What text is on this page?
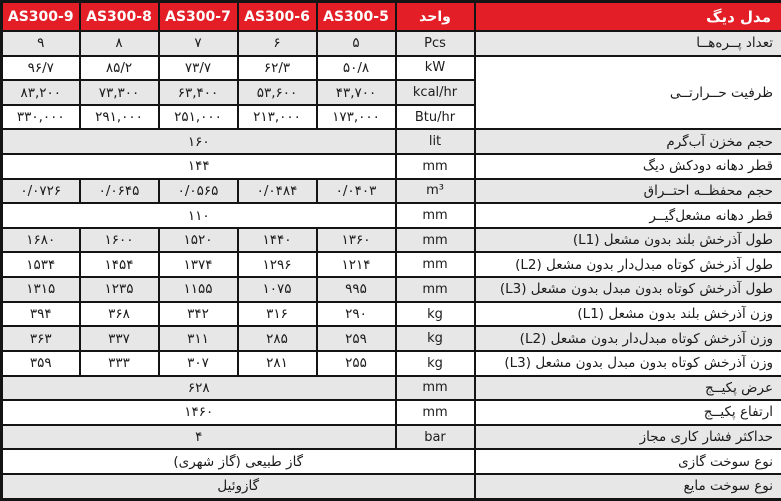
AS300-9	AS300-8	AS300-7	AS300-6	AS300-5	واحد	مدل دیگ
۹	۸	۷	۶	۵	Pcs	تعداد پــره‌هــا
۹۶/۷	۸۵/۲	۷۳/۷	۶۲/۳	۵۰/۸	kW	ظرفیت حــرارتــی
۸۳,۲۰۰	۷۳,۳۰۰	۶۳,۴۰۰	۵۳,۶۰۰	۴۳,۷۰۰	kcal/hr	
۳۳۰,۰۰۰	۲۹۱,۰۰۰	۲۵۱,۰۰۰	۲۱۳,۰۰۰	۱۷۳,۰۰۰	Btu/hr	
۱۶۰					lit	حجم مخزن آب‌گرم
۱۴۴					mm	قطر دهانه دودکش دیگ
۰/۰۷۲۶	۰/۰۶۴۵	۰/۰۵۶۵	۰/۰۴۸۴	۰/۰۴۰۳	m³	حجم محفظــه احتــراق
۱۱۰					mm	قطر دهانه مشعل‌گیــر
۱۶۸۰	۱۶۰۰	۱۵۲۰	۱۴۴۰	۱۳۶۰	mm	طول آذرخش بلند بدون مشعل (L1)
۱۵۳۴	۱۴۵۴	۱۳۷۴	۱۲۹۶	۱۲۱۴	mm	طول آذرخش کوتاه مبدل‌دار بدون مشعل (L2)
۱۳۱۵	۱۲۳۵	۱۱۵۵	۱۰۷۵	۹۹۵	mm	طول آذرخش کوتاه بدون مبدل بدون مشعل (L3)
۳۹۴	۳۶۸	۳۴۲	۳۱۶	۲۹۰	kg	وزن آذرخش بلند بدون مشعل (L1)
۳۶۳	۳۳۷	۳۱۱	۲۸۵	۲۵۹	kg	وزن آذرخش کوتاه مبدل‌دار بدون مشعل (L2)
۳۵۹	۳۳۳	۳۰۷	۲۸۱	۲۵۵	kg	وزن آذرخش کوتاه بدون مبدل بدون مشعل (L3)
۶۲۸					mm	عرض پکیــج
۱۴۶۰					mm	ارتفاع پکیــج
۴					bar	حداکثر فشار کاری مجاز
گاز طبیعی (گاز شهری)						نوع سوخت گازی
گازوئیل						نوع سوخت مایع
